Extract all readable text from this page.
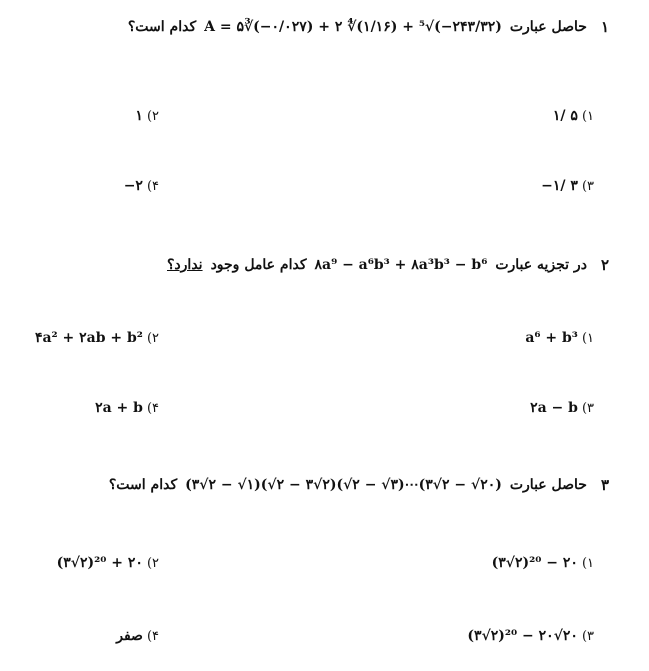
۱
حاصل عبارت
A = ۵∛(−۰/۰۲۷) + ۲ ∜(۱/۱۶) + ⁵√(−۲۴۳/۳۲)
کدام است؟
۱)
۱/ ۵
۲)
۱
۳)
−۱/ ۳
۴)
−۲
۲
در تجزیه عبارت
۸a⁹ − a⁶b³ + ۸a³b³ − b⁶
کدام عامل وجود
ندارد؟
۱)
a⁶ + b³
۲)
۴a² + ۲ab + b²
۳)
۲a − b
۴)
۲a + b
۳
حاصل عبارت
(۳√۲ − √۱)(√۲ − ۳√۲)(√۲ − √۳)⋯(۳√۲ − √۲۰)
کدام است؟
۱)
(۳√۲)²⁰ − ۲۰
۲)
(۳√۲)²⁰ + ۲۰
۳)
(۳√۲)²⁰ − ۲۰√۲۰
۴)
صفر
